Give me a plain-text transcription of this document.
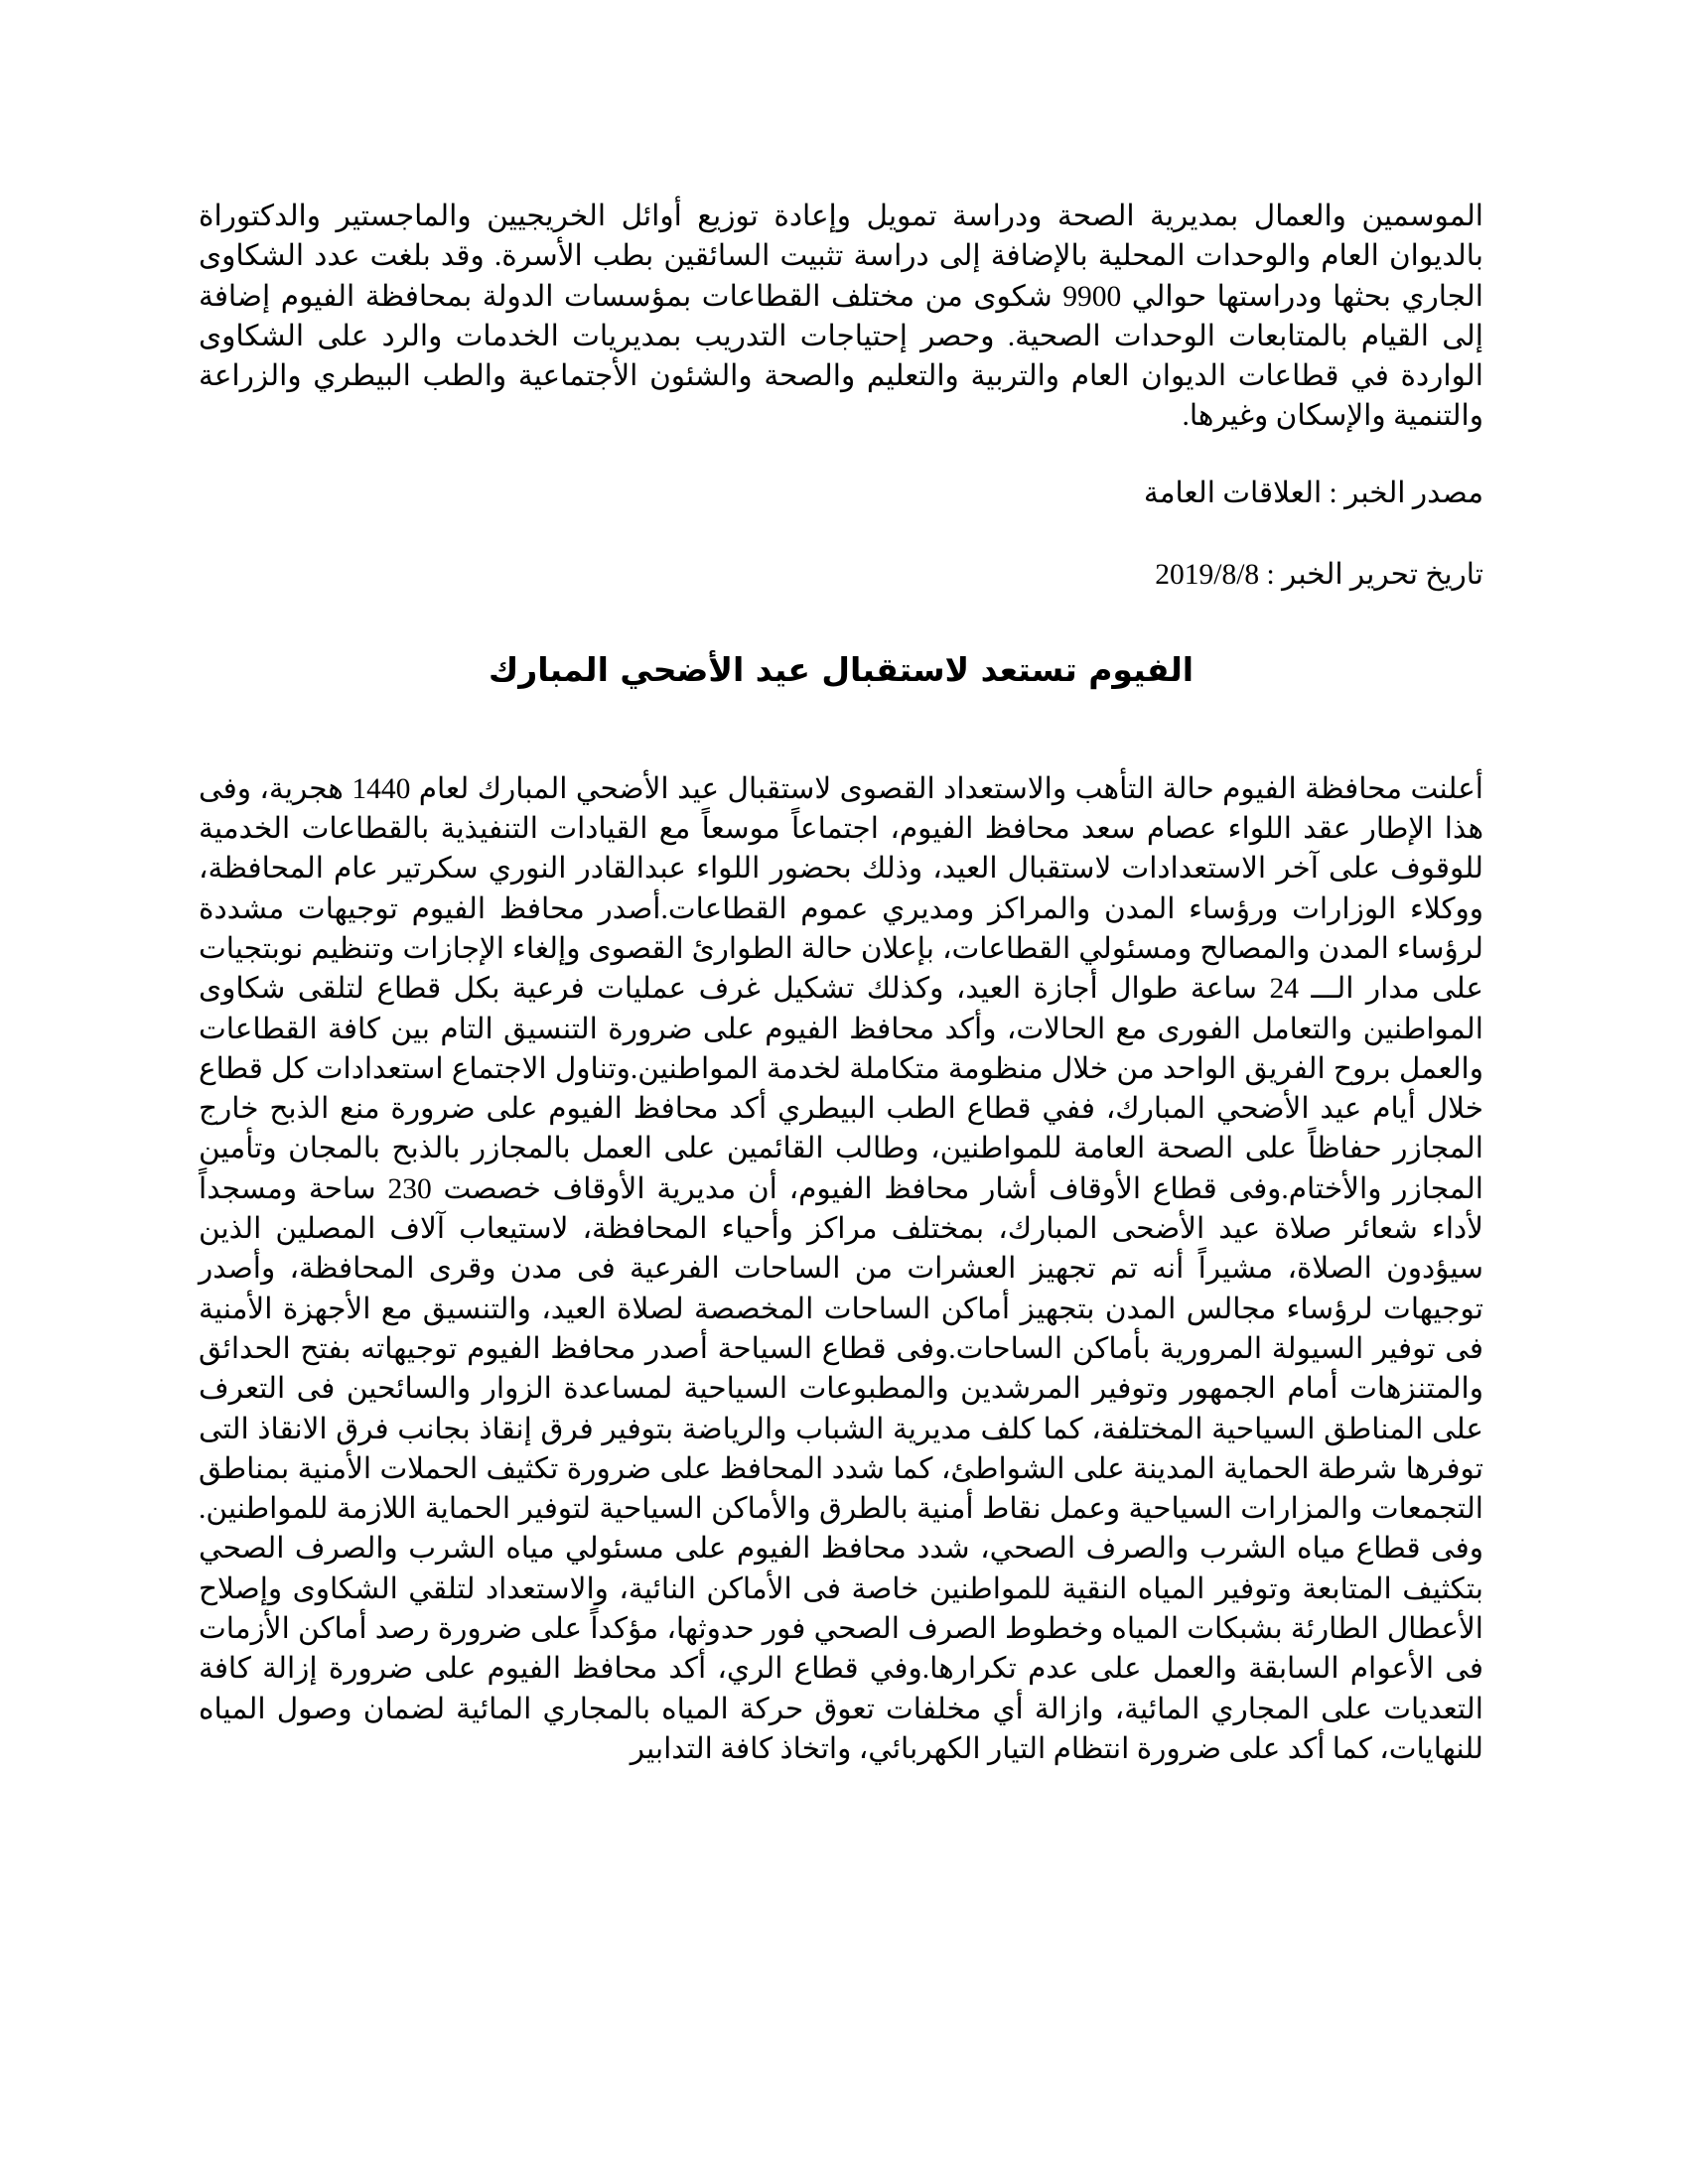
الموسمين والعمال بمديرية الصحة ودراسة تمويل وإعادة توزيع أوائل الخريجيين والماجستير والدكتوراة بالديوان العام والوحدات المحلية بالإضافة إلى دراسة تثبيت السائقين بطب الأسرة. وقد بلغت عدد الشكاوى الجاري بحثها ودراستها حوالي 9900 شكوى من مختلف القطاعات بمؤسسات الدولة بمحافظة الفيوم إضافة إلى القيام بالمتابعات الوحدات الصحية. وحصر إحتياجات التدريب بمديريات الخدمات والرد على الشكاوى الواردة في قطاعات الديوان العام والتربية والتعليم والصحة والشئون الأجتماعية والطب البيطري والزراعة والتنمية والإسكان وغيرها.

مصدر الخبر : العلاقات العامة

تاريخ تحرير الخبر : 2019/8/8

الفيوم تستعد لاستقبال عيد الأضحي المبارك

أعلنت محافظة الفيوم حالة التأهب والاستعداد القصوى لاستقبال عيد الأضحي المبارك لعام 1440 هجرية، وفى هذا الإطار عقد اللواء عصام سعد محافظ الفيوم، اجتماعاً موسعاً مع القيادات التنفيذية بالقطاعات الخدمية للوقوف على آخر الاستعدادات لاستقبال العيد، وذلك بحضور اللواء عبدالقادر النوري سكرتير عام المحافظة، ووكلاء الوزارات ورؤساء المدن والمراكز ومديري عموم القطاعات.أصدر محافظ الفيوم توجيهات مشددة لرؤساء المدن والمصالح ومسئولي القطاعات، بإعلان حالة الطوارئ القصوى وإلغاء الإجازات وتنظيم نوبتجيات على مدار الـــ 24 ساعة طوال أجازة العيد، وكذلك تشكيل غرف عمليات فرعية بكل قطاع لتلقى شكاوى المواطنين والتعامل الفورى مع الحالات، وأكد محافظ الفيوم على ضرورة التنسيق التام بين كافة القطاعات والعمل بروح الفريق الواحد من خلال منظومة متكاملة لخدمة المواطنين.وتناول الاجتماع استعدادات كل قطاع خلال أيام عيد الأضحي المبارك، ففي قطاع الطب البيطري أكد محافظ الفيوم على ضرورة منع الذبح خارج المجازر حفاظاً على الصحة العامة للمواطنين، وطالب القائمين على العمل بالمجازر بالذبح بالمجان وتأمين المجازر والأختام.وفى قطاع الأوقاف أشار محافظ الفيوم، أن مديرية الأوقاف خصصت 230 ساحة ومسجداً لأداء شعائر صلاة عيد الأضحى المبارك، بمختلف مراكز وأحياء المحافظة، لاستيعاب آلاف المصلين الذين سيؤدون الصلاة، مشيراً أنه تم تجهيز العشرات من الساحات الفرعية فى مدن وقرى المحافظة، وأصدر توجيهات لرؤساء مجالس المدن بتجهيز أماكن الساحات المخصصة لصلاة العيد، والتنسيق مع الأجهزة الأمنية فى توفير السيولة المرورية بأماكن الساحات.وفى قطاع السياحة أصدر محافظ الفيوم توجيهاته بفتح الحدائق والمتنزهات أمام الجمهور وتوفير المرشدين والمطبوعات السياحية لمساعدة الزوار والسائحين فى التعرف على المناطق السياحية المختلفة، كما كلف مديرية الشباب والرياضة بتوفير فرق إنقاذ بجانب فرق الانقاذ التى توفرها شرطة الحماية المدينة على الشواطئ، كما شدد المحافظ على ضرورة تكثيف الحملات الأمنية بمناطق التجمعات والمزارات السياحية وعمل نقاط أمنية بالطرق والأماكن السياحية لتوفير الحماية اللازمة للمواطنين. وفى قطاع مياه الشرب والصرف الصحي، شدد محافظ الفيوم على مسئولي مياه الشرب والصرف الصحي بتكثيف المتابعة وتوفير المياه النقية للمواطنين خاصة فى الأماكن النائية، والاستعداد لتلقي الشكاوى وإصلاح الأعطال الطارئة بشبكات المياه وخطوط الصرف الصحي فور حدوثها، مؤكداً على ضرورة رصد أماكن الأزمات فى الأعوام السابقة والعمل على عدم تكرارها.وفي قطاع الري، أكد محافظ الفيوم على ضرورة إزالة كافة التعديات على المجاري المائية، وازالة أي مخلفات تعوق حركة المياه بالمجاري المائية لضمان وصول المياه للنهايات، كما أكد على ضرورة انتظام التيار الكهربائي، واتخاذ كافة التدابير
